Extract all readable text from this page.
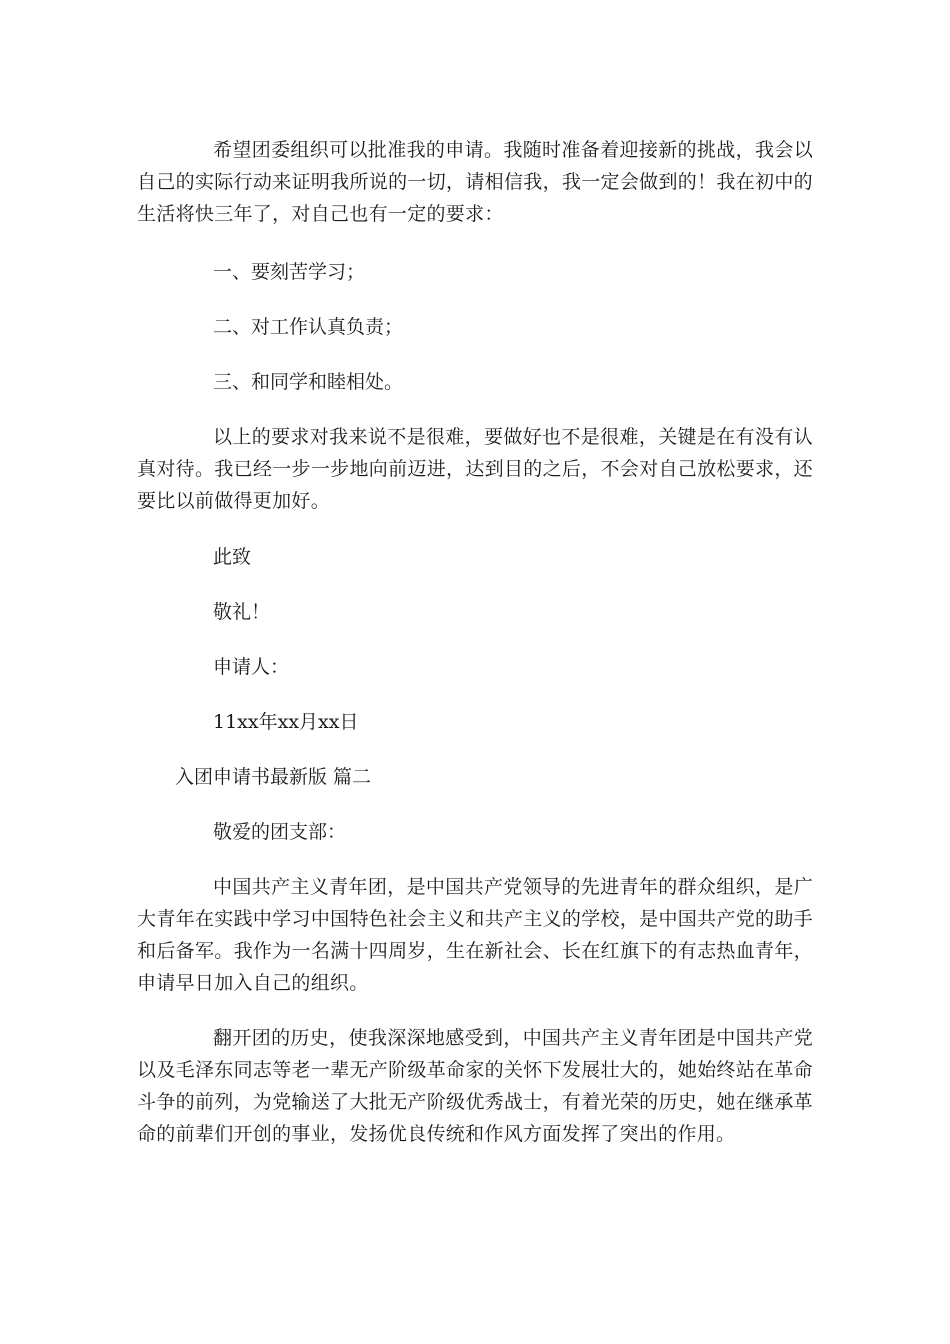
希望团委组织可以批准我的申请。我随时准备着迎接新的挑战，我会以自己的实际行动来证明我所说的一切，请相信我，我一定会做到的！我在初中的生活将快三年了，对自己也有一定的要求：

一、要刻苦学习；

二、对工作认真负责；

三、和同学和睦相处。

以上的要求对我来说不是很难，要做好也不是很难，关键是在有没有认真对待。我已经一步一步地向前迈进，达到目的之后，不会对自己放松要求，还要比以前做得更加好。

此致

敬礼！

申请人：

11xx年xx月xx日

入团申请书最新版 篇二

敬爱的团支部：

中国共产主义青年团，是中国共产党领导的先进青年的群众组织，是广大青年在实践中学习中国特色社会主义和共产主义的学校，是中国共产党的助手和后备军。我作为一名满十四周岁，生在新社会、长在红旗下的有志热血青年，申请早日加入自己的组织。

翻开团的历史，使我深深地感受到，中国共产主义青年团是中国共产党以及毛泽东同志等老一辈无产阶级革命家的关怀下发展壮大的，她始终站在革命斗争的前列，为党输送了大批无产阶级优秀战士，有着光荣的历史，她在继承革命的前辈们开创的事业，发扬优良传统和作风方面发挥了突出的作用。
